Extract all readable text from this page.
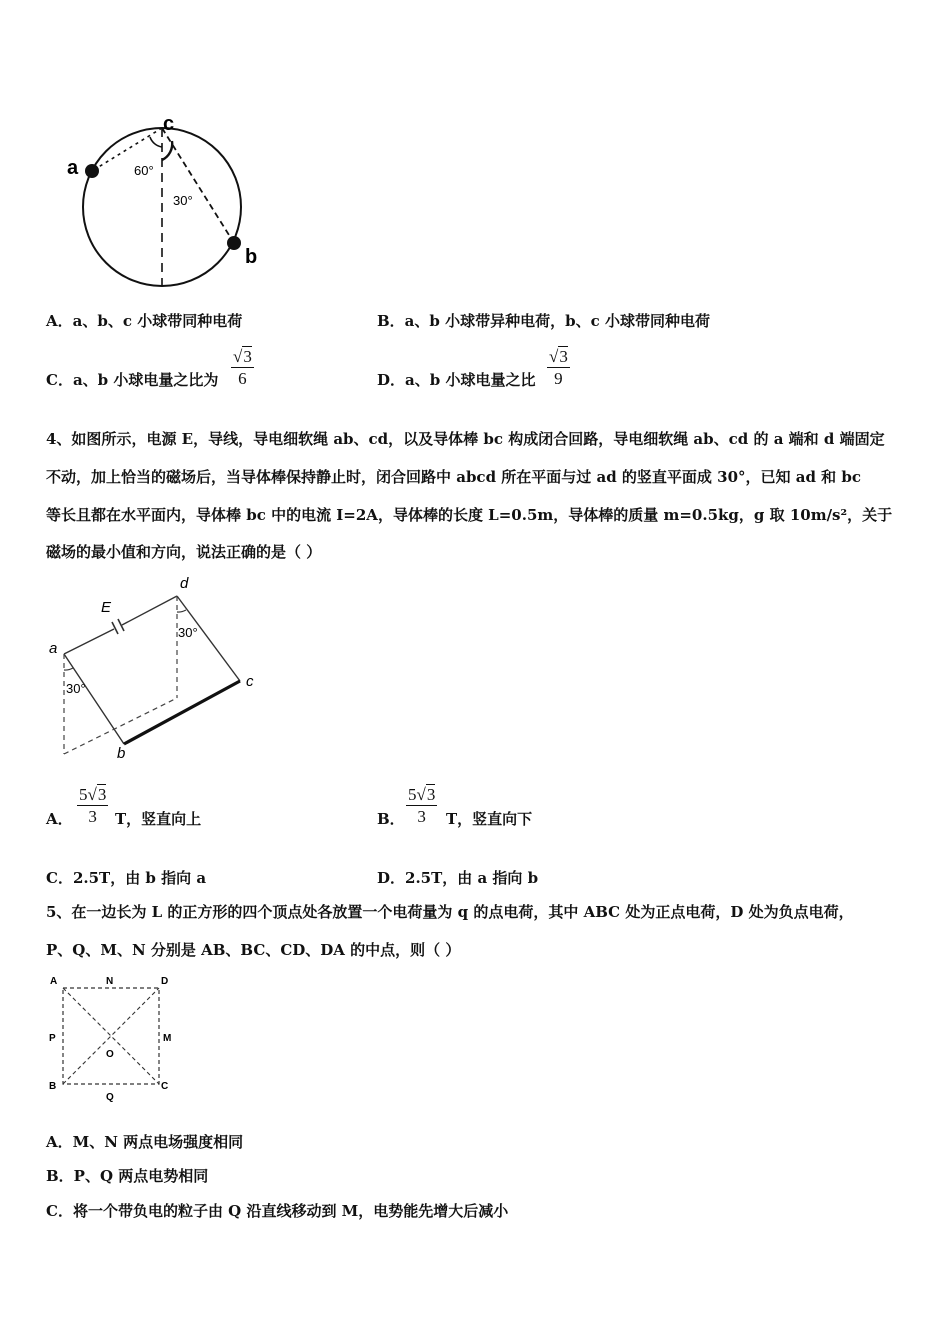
c
a
b
60°
30°
A．a、b、c 小球带同种电荷	B．a、b 小球带异种电荷，b、c 小球带同种电荷
C．a、b 小球电量之比为 $\frac{√3}{6}$	D．a、b 小球电量之比 $\frac{√3}{9}$
4、如图所示，电源 E，导线，导电细软绳 ab、cd，以及导体棒 bc 构成闭合回路，导电细软绳 ab、cd 的 a 端和 d 端固定
不动，加上恰当的磁场后，当导体棒保持静止时，闭合回路中 abcd 所在平面与过 ad 的竖直平面成 30°，已知 ad 和 bc
等长且都在水平面内，导体棒 bc 中的电流 I=2A，导体棒的长度 L=0.5m，导体棒的质量 m=0.5kg，g 取 10m/s²，关于
磁场的最小值和方向，说法正确的是（ ）
a
b
c
d
E
30°
30°
A． $\frac{5√3}{3}$ T，竖直向上	B． $\frac{5√3}{3}$ T，竖直向下
C．2.5T，由 b 指向 a	D．2.5T，由 a 指向 b
5、在一边长为 L 的正方形的四个顶点处各放置一个电荷量为 q 的点电荷，其中 ABC 处为正点电荷，D 处为负点电荷，
P、Q、M、N 分别是 AB、BC、CD、DA 的中点，则（ ）
A	N	D
P	M
O
B	C
Q
A．M、N 两点电场强度相同
B．P、Q 两点电势相同
C．将一个带负电的粒子由 Q 沿直线移动到 M，电势能先增大后减小
